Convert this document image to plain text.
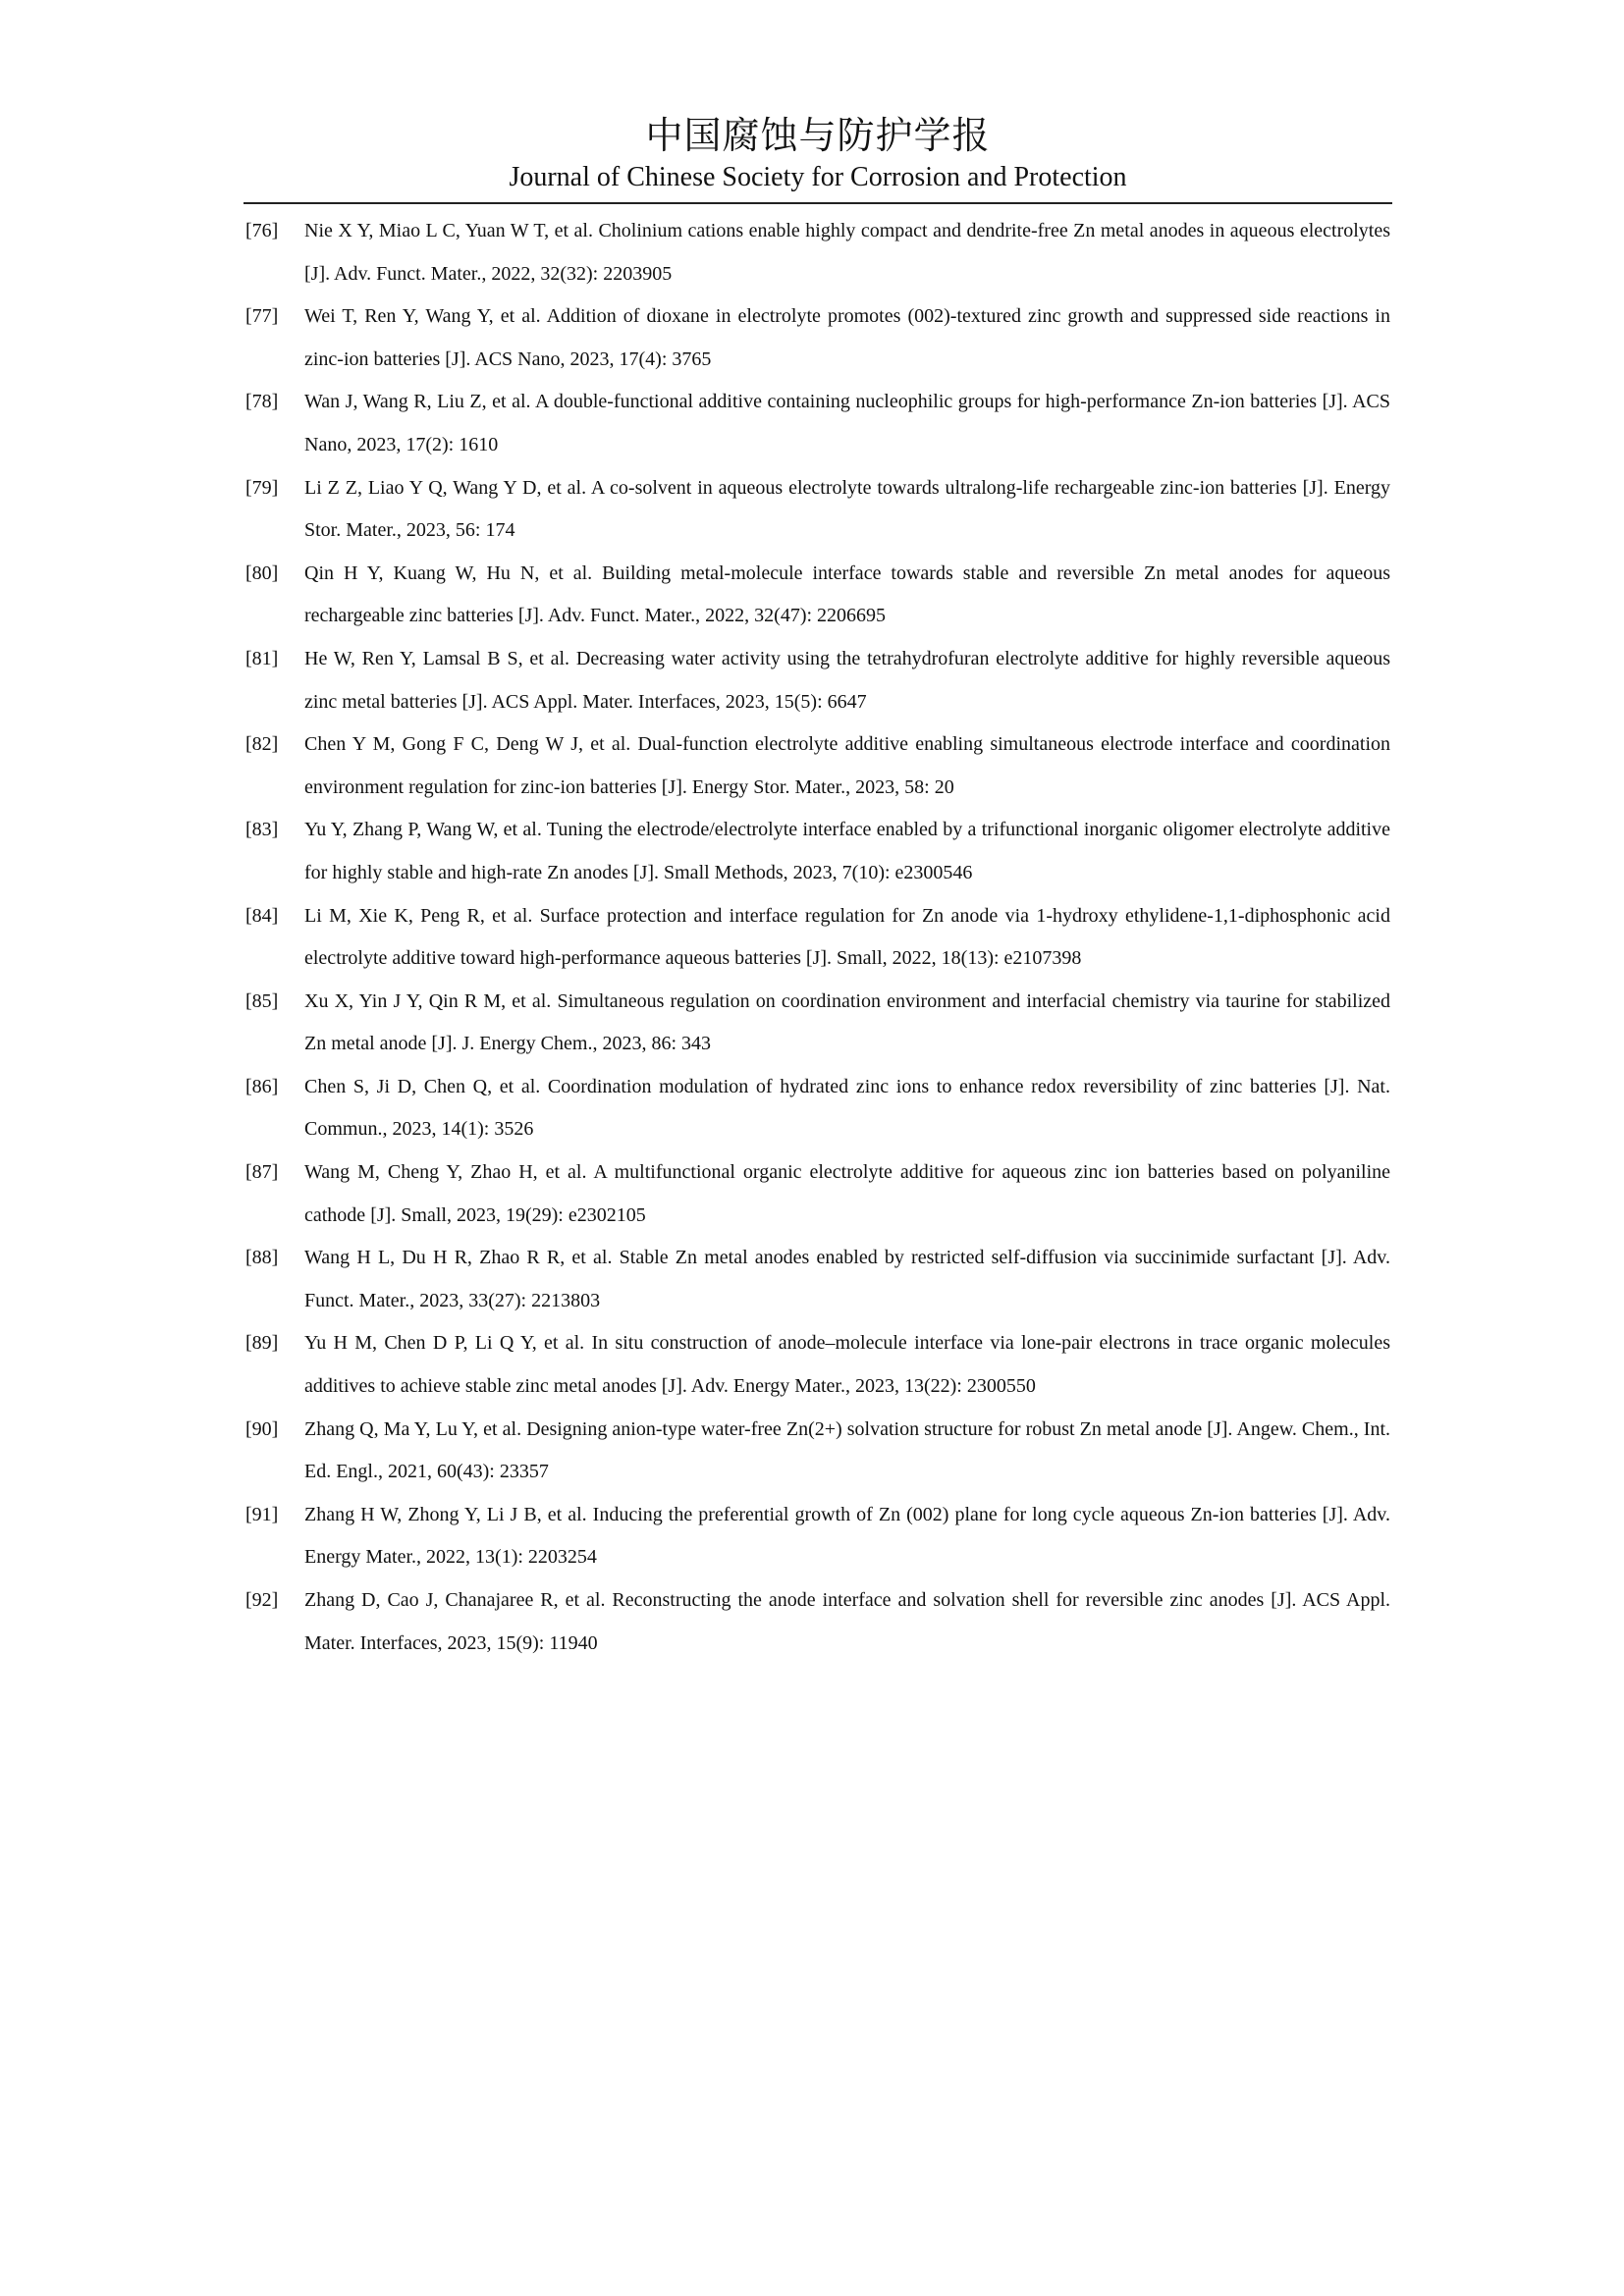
中国腐蚀与防护学报
Journal of Chinese Society for Corrosion and Protection
[76] Nie X Y, Miao L C, Yuan W T, et al. Cholinium cations enable highly compact and dendrite-free Zn metal anodes in aqueous electrolytes [J]. Adv. Funct. Mater., 2022, 32(32): 2203905
[77] Wei T, Ren Y, Wang Y, et al. Addition of dioxane in electrolyte promotes (002)-textured zinc growth and suppressed side reactions in zinc-ion batteries [J]. ACS Nano, 2023, 17(4): 3765
[78] Wan J, Wang R, Liu Z, et al. A double-functional additive containing nucleophilic groups for high-performance Zn-ion batteries [J]. ACS Nano, 2023, 17(2): 1610
[79] Li Z Z, Liao Y Q, Wang Y D, et al. A co-solvent in aqueous electrolyte towards ultralong-life rechargeable zinc-ion batteries [J]. Energy Stor. Mater., 2023, 56: 174
[80] Qin H Y, Kuang W, Hu N, et al. Building metal-molecule interface towards stable and reversible Zn metal anodes for aqueous rechargeable zinc batteries [J]. Adv. Funct. Mater., 2022, 32(47): 2206695
[81] He W, Ren Y, Lamsal B S, et al. Decreasing water activity using the tetrahydrofuran electrolyte additive for highly reversible aqueous zinc metal batteries [J]. ACS Appl. Mater. Interfaces, 2023, 15(5): 6647
[82] Chen Y M, Gong F C, Deng W J, et al. Dual-function electrolyte additive enabling simultaneous electrode interface and coordination environment regulation for zinc-ion batteries [J]. Energy Stor. Mater., 2023, 58: 20
[83] Yu Y, Zhang P, Wang W, et al. Tuning the electrode/electrolyte interface enabled by a trifunctional inorganic oligomer electrolyte additive for highly stable and high-rate Zn anodes [J]. Small Methods, 2023, 7(10): e2300546
[84] Li M, Xie K, Peng R, et al. Surface protection and interface regulation for Zn anode via 1-hydroxy ethylidene-1,1-diphosphonic acid electrolyte additive toward high-performance aqueous batteries [J]. Small, 2022, 18(13): e2107398
[85] Xu X, Yin J Y, Qin R M, et al. Simultaneous regulation on coordination environment and interfacial chemistry via taurine for stabilized Zn metal anode [J]. J. Energy Chem., 2023, 86: 343
[86] Chen S, Ji D, Chen Q, et al. Coordination modulation of hydrated zinc ions to enhance redox reversibility of zinc batteries [J]. Nat. Commun., 2023, 14(1): 3526
[87] Wang M, Cheng Y, Zhao H, et al. A multifunctional organic electrolyte additive for aqueous zinc ion batteries based on polyaniline cathode [J]. Small, 2023, 19(29): e2302105
[88] Wang H L, Du H R, Zhao R R, et al. Stable Zn metal anodes enabled by restricted self-diffusion via succinimide surfactant [J]. Adv. Funct. Mater., 2023, 33(27): 2213803
[89] Yu H M, Chen D P, Li Q Y, et al. In situ construction of anode–molecule interface via lone-pair electrons in trace organic molecules additives to achieve stable zinc metal anodes [J]. Adv. Energy Mater., 2023, 13(22): 2300550
[90] Zhang Q, Ma Y, Lu Y, et al. Designing anion-type water-free Zn(2+) solvation structure for robust Zn metal anode [J]. Angew. Chem., Int. Ed. Engl., 2021, 60(43): 23357
[91] Zhang H W, Zhong Y, Li J B, et al. Inducing the preferential growth of Zn (002) plane for long cycle aqueous Zn-ion batteries [J]. Adv. Energy Mater., 2022, 13(1): 2203254
[92] Zhang D, Cao J, Chanajaree R, et al. Reconstructing the anode interface and solvation shell for reversible zinc anodes [J]. ACS Appl. Mater. Interfaces, 2023, 15(9): 11940
